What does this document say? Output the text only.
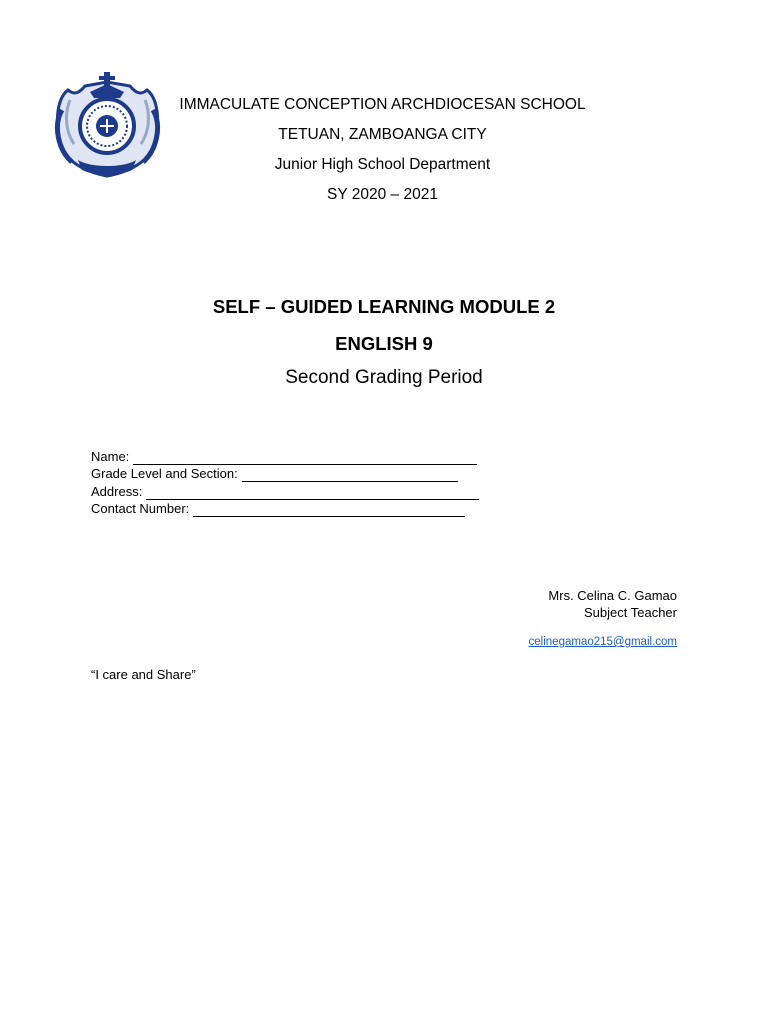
IMMACULATE CONCEPTION ARCHDIOCESAN SCHOOL
TETUAN, ZAMBOANGA CITY
Junior High School Department
SY 2020 – 2021
SELF – GUIDED LEARNING MODULE 2
ENGLISH 9
Second Grading Period
Name:
Grade Level and Section:
Address:
Contact Number:
Mrs. Celina C. Gamao
Subject Teacher
celinegamao215@gmail.com
“I care and Share”
